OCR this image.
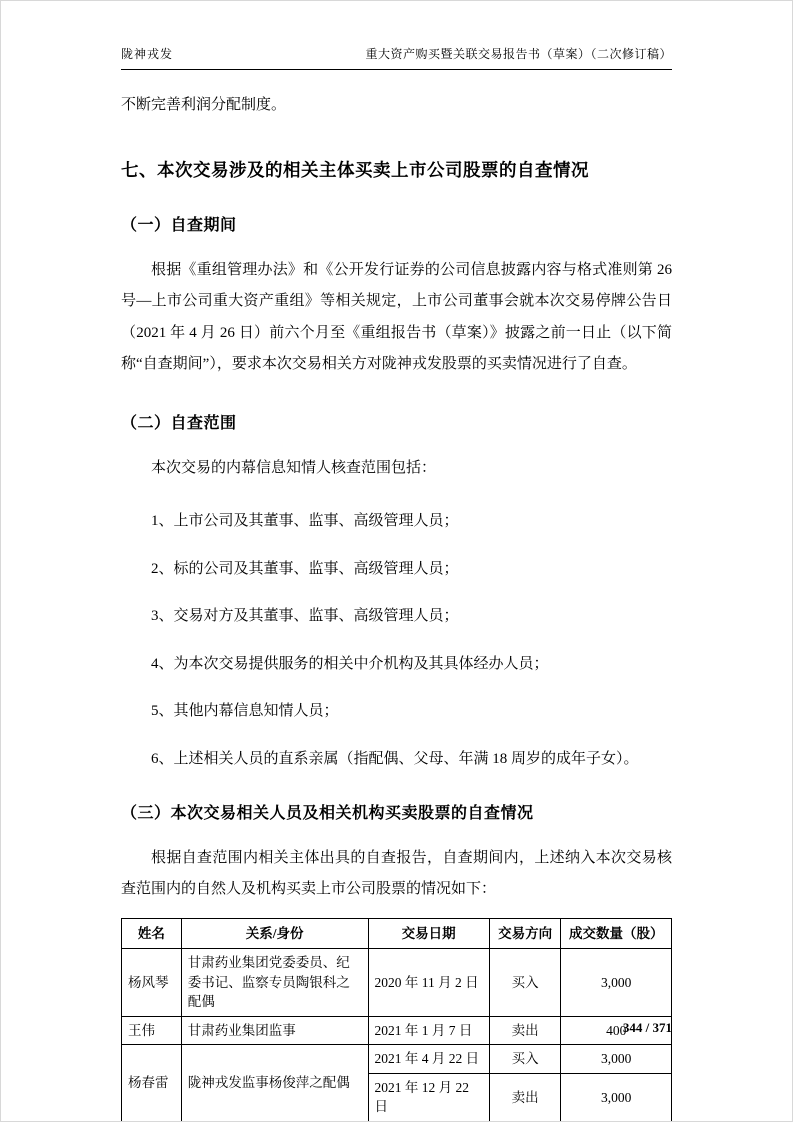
陇神戎发	重大资产购买暨关联交易报告书（草案）（二次修订稿）

不断完善利润分配制度。

七、本次交易涉及的相关主体买卖上市公司股票的自查情况
（一）自查期间

根据《重组管理办法》和《公开发行证券的公司信息披露内容与格式准则第 26 号—上市公司重大资产重组》等相关规定，上市公司董事会就本次交易停牌公告日（2021 年 4 月 26 日）前六个月至《重组报告书（草案）》披露之前一日止（以下简称“自查期间”），要求本次交易相关方对陇神戎发股票的买卖情况进行了自查。

（二）自查范围

本次交易的内幕信息知情人核查范围包括：

1、上市公司及其董事、监事、高级管理人员；

2、标的公司及其董事、监事、高级管理人员；

3、交易对方及其董事、监事、高级管理人员；

4、为本次交易提供服务的相关中介机构及其具体经办人员；

5、其他内幕信息知情人员；

6、上述相关人员的直系亲属（指配偶、父母、年满 18 周岁的成年子女）。

（三）本次交易相关人员及相关机构买卖股票的自查情况

根据自查范围内相关主体出具的自查报告，自查期间内，上述纳入本次交易核查范围内的自然人及机构买卖上市公司股票的情况如下：

姓名	关系/身份	交易日期	交易方向	成交数量（股）
杨风琴	甘肃药业集团党委委员、纪委书记、监察专员陶银科之配偶	2020 年 11 月 2 日	买入	3,000
王伟	甘肃药业集团监事	2021 年 1 月 7 日	卖出	400
杨春雷	陇神戎发监事杨俊萍之配偶	2021 年 4 月 22 日	买入	3,000
		2021 年 12 月 22 日	卖出	3,000
344 / 371
